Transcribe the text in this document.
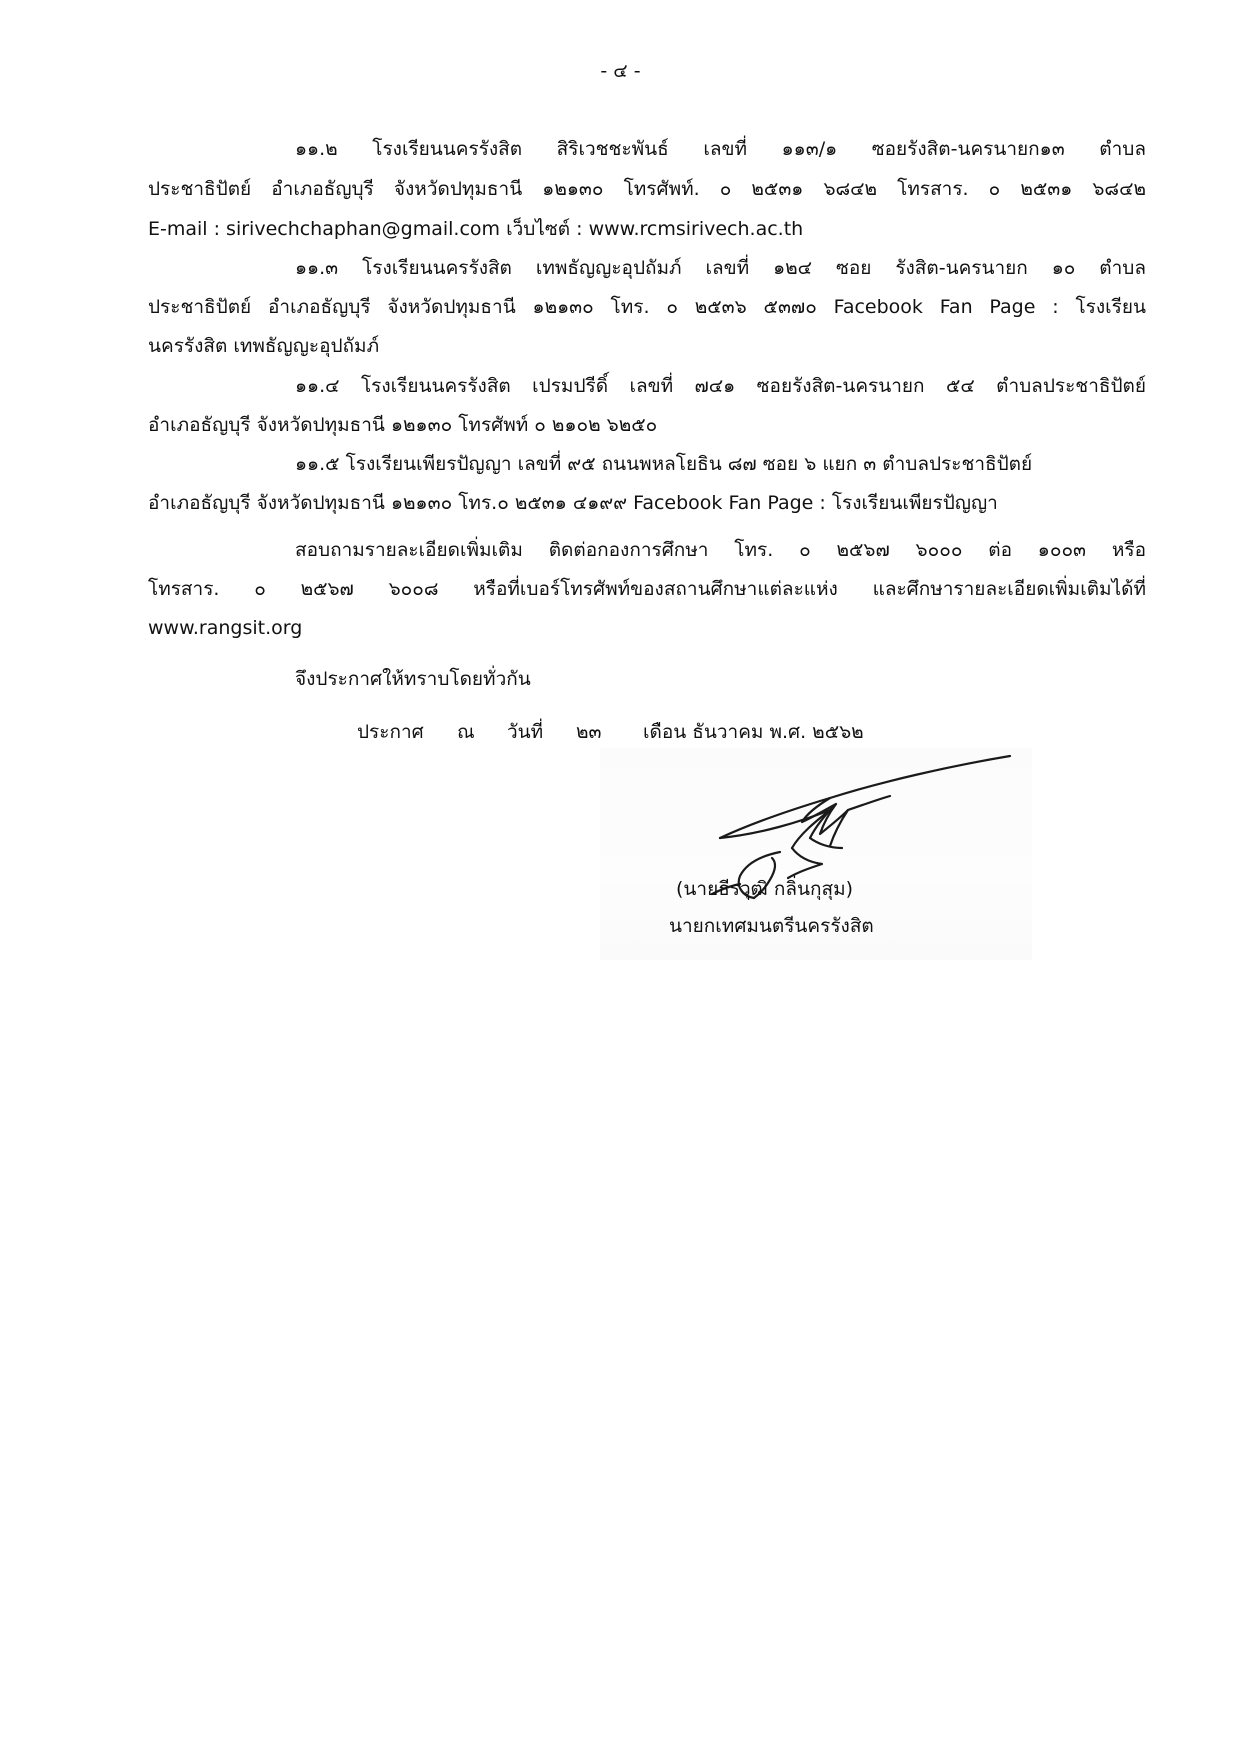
- ๔ -
๑๑.๒ โรงเรียนนครรังสิต สิริเวชชะพันธ์ เลขที่ ๑๑๓/๑ ซอยรังสิต-นครนายก๑๓ ตำบล
ประชาธิปัตย์ อำเภอธัญบุรี จังหวัดปทุมธานี ๑๒๑๓๐ โทรศัพท์. ๐ ๒๕๓๑ ๖๘๔๒ โทรสาร. ๐ ๒๕๓๑ ๖๘๔๒
E-mail : sirivechchaphan@gmail.com เว็บไซต์ : www.rcmsirivech.ac.th
๑๑.๓ โรงเรียนนครรังสิต เทพธัญญะอุปถัมภ์ เลขที่ ๑๒๔ ซอย รังสิต-นครนายก ๑๐ ตำบล
ประชาธิปัตย์ อำเภอธัญบุรี จังหวัดปทุมธานี ๑๒๑๓๐ โทร. ๐ ๒๕๓๖ ๕๓๗๐ Facebook Fan Page : โรงเรียน
นครรังสิต เทพธัญญะอุปถัมภ์
๑๑.๔ โรงเรียนนครรังสิต เปรมปรีดิ์ เลขที่ ๗๔๑ ซอยรังสิต-นครนายก ๕๔ ตำบลประชาธิปัตย์
อำเภอธัญบุรี จังหวัดปทุมธานี ๑๒๑๓๐ โทรศัพท์ ๐ ๒๑๐๒ ๖๒๕๐
๑๑.๕ โรงเรียนเพียรปัญญา เลขที่ ๙๕ ถนนพหลโยธิน ๘๗ ซอย ๖ แยก ๓ ตำบลประชาธิปัตย์
อำเภอธัญบุรี จังหวัดปทุมธานี ๑๒๑๓๐ โทร.๐ ๒๕๓๑ ๔๑๙๙ Facebook Fan Page : โรงเรียนเพียรปัญญา
สอบถามรายละเอียดเพิ่มเติม ติดต่อกองการศึกษา โทร. ๐ ๒๕๖๗ ๖๐๐๐ ต่อ ๑๐๐๓ หรือ
โทรสาร. ๐ ๒๕๖๗ ๖๐๐๘ หรือที่เบอร์โทรศัพท์ของสถานศึกษาแต่ละแห่ง และศึกษารายละเอียดเพิ่มเติมได้ที่
www.rangsit.org
จึงประกาศให้ทราบโดยทั่วกัน
ประกาศ ณ วันที่ ๒๓ เดือน ธันวาคม พ.ศ. ๒๕๖๒
(นายธีรวุฒิ กลิ่นกุสุม)
นายกเทศมนตรีนครรังสิต
